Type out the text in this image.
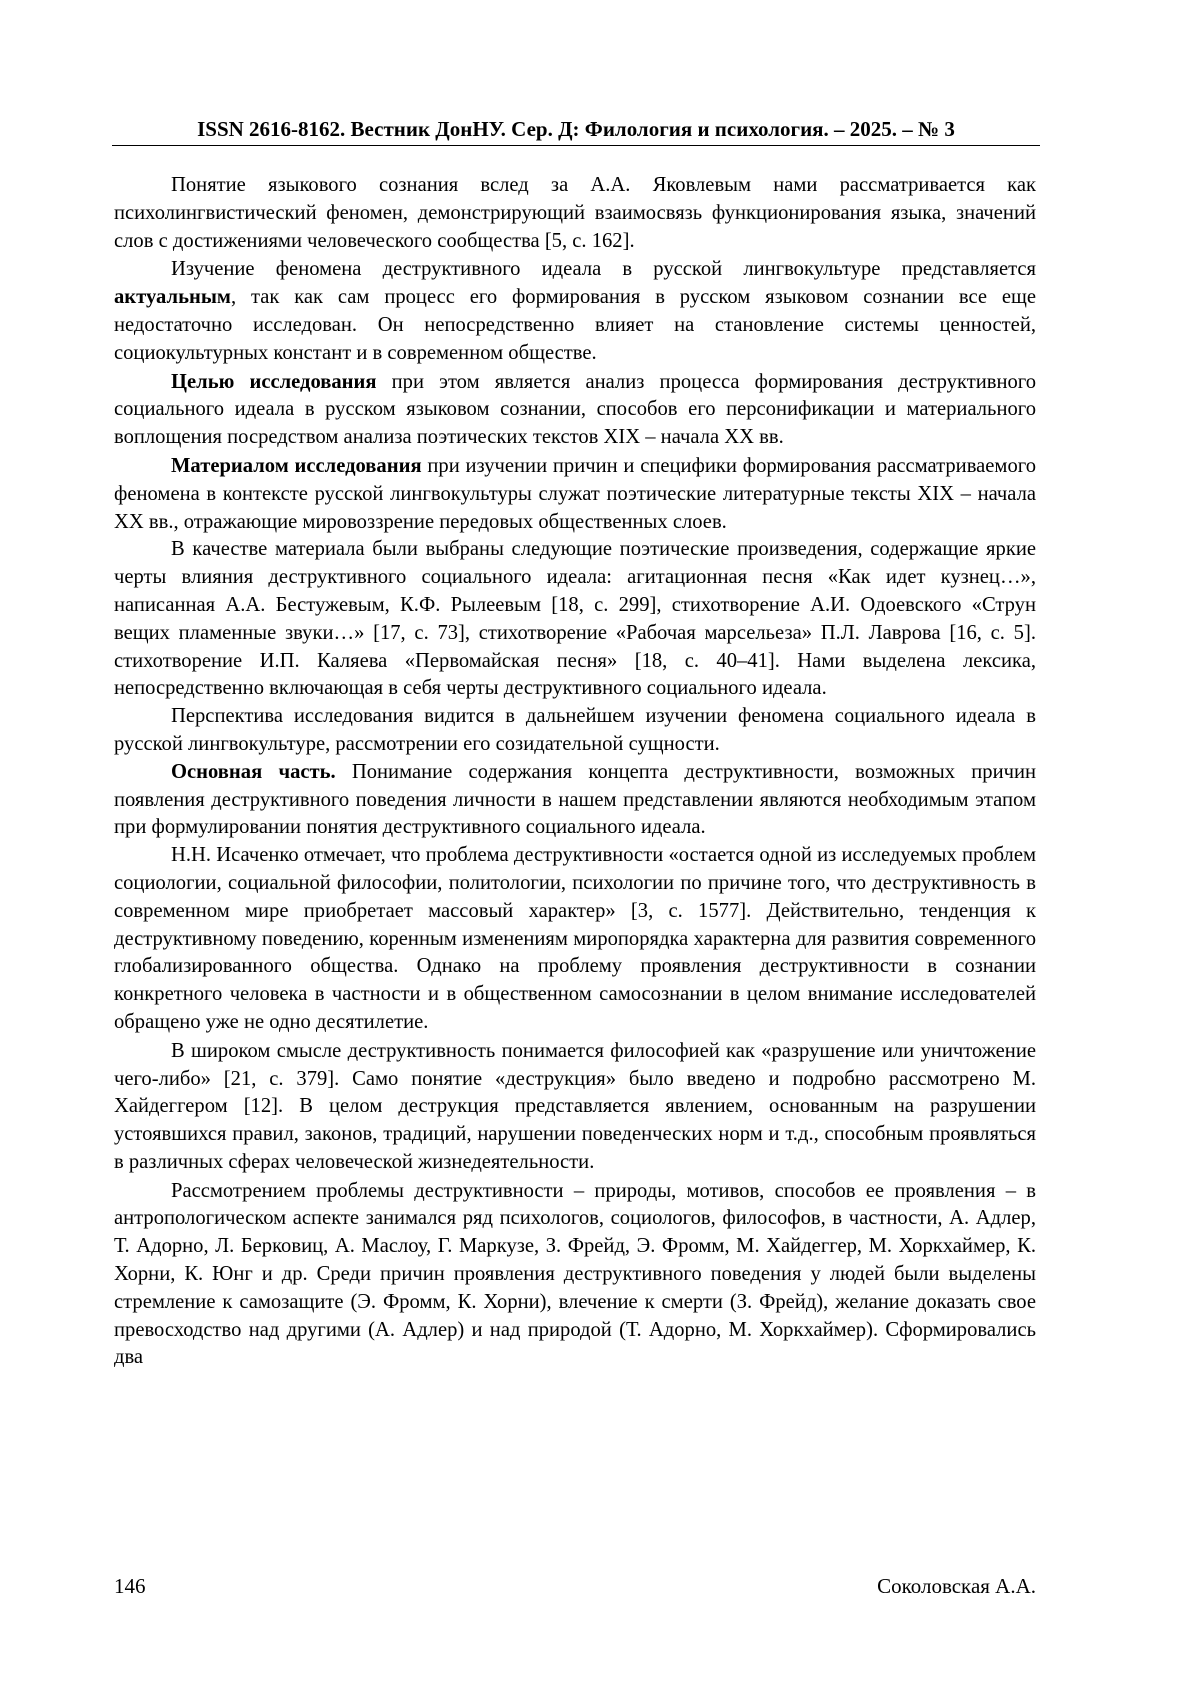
ISSN 2616-8162. Вестник ДонНУ. Сер. Д: Филология и психология. – 2025. – № 3

Понятие языкового сознания вслед за А.А. Яковлевым нами рассматривается как психолингвистический феномен, демонстрирующий взаимосвязь функционирования языка, значений слов с достижениями человеческого сообщества [5, с. 162].

Изучение феномена деструктивного идеала в русской лингвокультуре представляется актуальным, так как сам процесс его формирования в русском языковом сознании все еще недостаточно исследован. Он непосредственно влияет на становление системы ценностей, социокультурных констант и в современном обществе.

Целью исследования при этом является анализ процесса формирования деструктивного социального идеала в русском языковом сознании, способов его персонификации и материального воплощения посредством анализа поэтических текстов XIX – начала XX вв.

Материалом исследования при изучении причин и специфики формирования рассматриваемого феномена в контексте русской лингвокультуры служат поэтические литературные тексты XIX – начала XX вв., отражающие мировоззрение передовых общественных слоев.

В качестве материала были выбраны следующие поэтические произведения, содержащие яркие черты влияния деструктивного социального идеала: агитационная песня «Как идет кузнец…», написанная А.А. Бестужевым, К.Ф. Рылеевым [18, с. 299], стихотворение А.И. Одоевского «Струн вещих пламенные звуки…» [17, с. 73], стихотворение «Рабочая марсельеза» П.Л. Лаврова [16, с. 5]. стихотворение И.П. Каляева «Первомайская песня» [18, с. 40–41]. Нами выделена лексика, непосредственно включающая в себя черты деструктивного социального идеала.

Перспектива исследования видится в дальнейшем изучении феномена социального идеала в русской лингвокультуре, рассмотрении его созидательной сущности.

Основная часть. Понимание содержания концепта деструктивности, возможных причин появления деструктивного поведения личности в нашем представлении являются необходимым этапом при формулировании понятия деструктивного социального идеала.

Н.Н. Исаченко отмечает, что проблема деструктивности «остается одной из исследуемых проблем социологии, социальной философии, политологии, психологии по причине того, что деструктивность в современном мире приобретает массовый характер» [3, с. 1577]. Действительно, тенденция к деструктивному поведению, коренным изменениям миропорядка характерна для развития современного глобализированного общества. Однако на проблему проявления деструктивности в сознании конкретного человека в частности и в общественном самосознании в целом внимание исследователей обращено уже не одно десятилетие.

В широком смысле деструктивность понимается философией как «разрушение или уничтожение чего-либо» [21, с. 379]. Само понятие «деструкция» было введено и подробно рассмотрено М. Хайдеггером [12]. В целом деструкция представляется явлением, основанным на разрушении устоявшихся правил, законов, традиций, нарушении поведенческих норм и т.д., способным проявляться в различных сферах человеческой жизнедеятельности.

Рассмотрением проблемы деструктивности – природы, мотивов, способов ее проявления – в антропологическом аспекте занимался ряд психологов, социологов, философов, в частности, А. Адлер, Т. Адорно, Л. Берковиц, А. Маслоу, Г. Маркузе, З. Фрейд, Э. Фромм, М. Хайдеггер, М. Хоркхаймер, К. Хорни, К. Юнг и др. Среди причин проявления деструктивного поведения у людей были выделены стремление к самозащите (Э. Фромм, К. Хорни), влечение к смерти (З. Фрейд), желание доказать свое превосходство над другими (А. Адлер) и над природой (Т. Адорно, М. Хоркхаймер). Сформировались два

146	Соколовская А.А.
